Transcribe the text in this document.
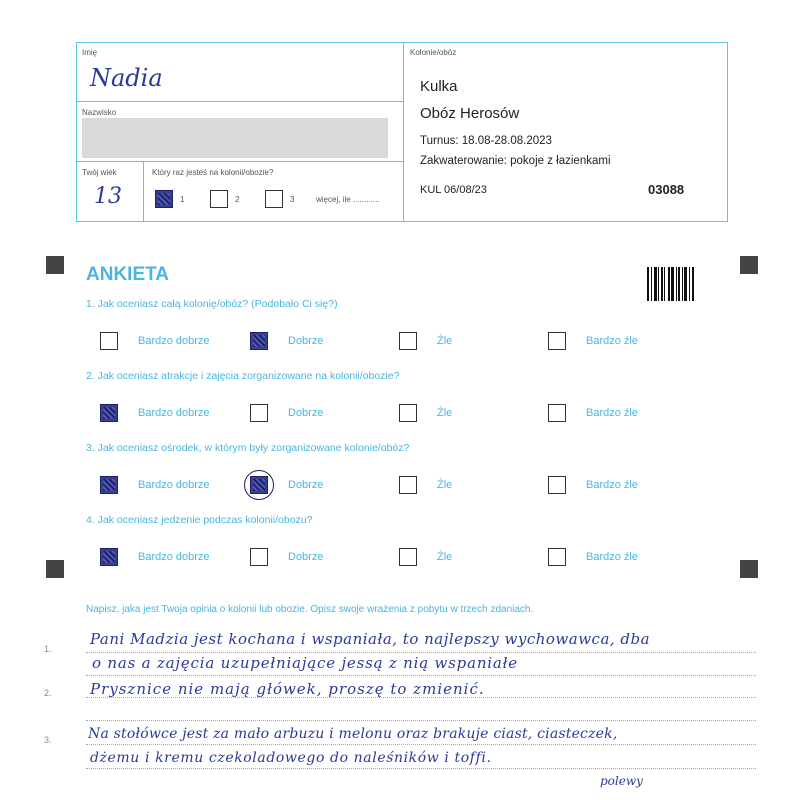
Imię
Nadia
Nazwisko
Twój wiek
13
Który raz jesteś na kolonii/obozie?
1	2	3	więcej, ile ............
Kolonie/obóz
Kulka
Obóz Herosów
Turnus: 18.08-28.08.2023
Zakwaterowanie: pokoje z łazienkami
KUL 06/08/23	03088
ANKIETA
1. Jak oceniasz całą kolonię/obóz? (Podobało Ci się?)
Bardzo dobrze	Dobrze	Źle	Bardzo źle
2. Jak oceniasz atrakcje i zajęcia zorganizowane na kolonii/obozie?
Bardzo dobrze	Dobrze	Źle	Bardzo źle
3. Jak oceniasz ośrodek, w którym były zorganizowane kolonie/obóz?
Bardzo dobrze	Dobrze	Źle	Bardzo źle
4. Jak oceniasz jedzenie podczas kolonii/obozu?
Bardzo dobrze	Dobrze	Źle	Bardzo źle
Napisz, jaka jest Twoja opinia o kolonii lub obozie. Opisz swoje wrażenia z pobytu w trzech zdaniach.
1.
2.
3.
Pani Madzia jest kochana i wspaniała, to najlepszy wychowawca, dba
o nas a zajęcia uzupełniające jessą z nią wspaniałe
Prysznice nie mają główek, proszę to zmienić.
Na stołówce jest za mało arbuzu i melonu oraz brakuje ciast, ciasteczek,
dżemu i kremu czekoladowego do naleśników i toffi.
polewy
